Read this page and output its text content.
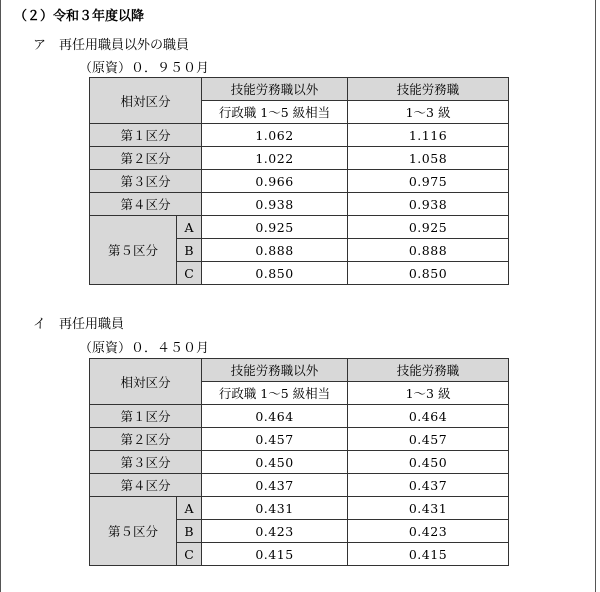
（２）令和３年度以降
ア 再任用職員以外の職員
（原資）０．９５０月
相対区分		技能労務職以外	技能労務職
		行政職 1～5 級相当	1～3 級
第１区分		1.062	1.116
第２区分		1.022	1.058
第３区分		0.966	0.975
第４区分		0.938	0.938
第５区分	A	0.925	0.925
	B	0.888	0.888
	C	0.850	0.850
イ 再任用職員
（原資）０．４５０月
相対区分		技能労務職以外	技能労務職
		行政職 1～5 級相当	1～3 級
第１区分		0.464	0.464
第２区分		0.457	0.457
第３区分		0.450	0.450
第４区分		0.437	0.437
第５区分	A	0.431	0.431
	B	0.423	0.423
	C	0.415	0.415
